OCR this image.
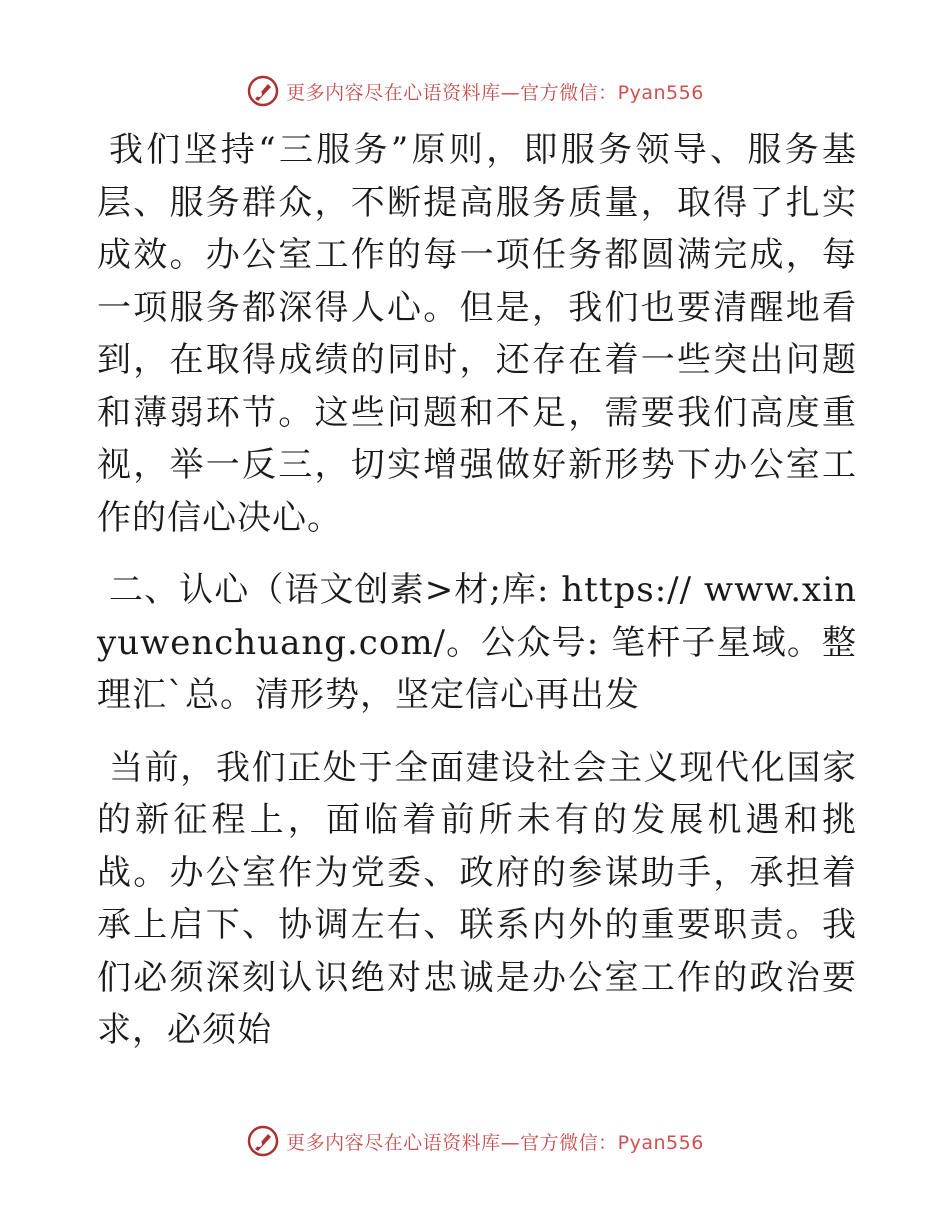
更多内容尽在心语资料库—官方微信：Pyan556

我们坚持“三服务”原则，即服务领导、服务基层、服务群众，不断提高服务质量，取得了扎实成效。办公室工作的每一项任务都圆满完成，每一项服务都深得人心。但是，我们也要清醒地看到，在取得成绩的同时，还存在着一些突出问题和薄弱环节。这些问题和不足，需要我们高度重视，举一反三，切实增强做好新形势下办公室工作的信心决心。

二、认心（语文创素>材;库: https:// www.xinyuwenchuang.com/。公众号: 笔杆子星域。整理汇`总。清形势，坚定信心再出发

当前，我们正处于全面建设社会主义现代化国家的新征程上，面临着前所未有的发展机遇和挑战。办公室作为党委、政府的参谋助手，承担着承上启下、协调左右、联系内外的重要职责。我们必须深刻认识绝对忠诚是办公室工作的政治要求，必须始

更多内容尽在心语资料库—官方微信：Pyan556
